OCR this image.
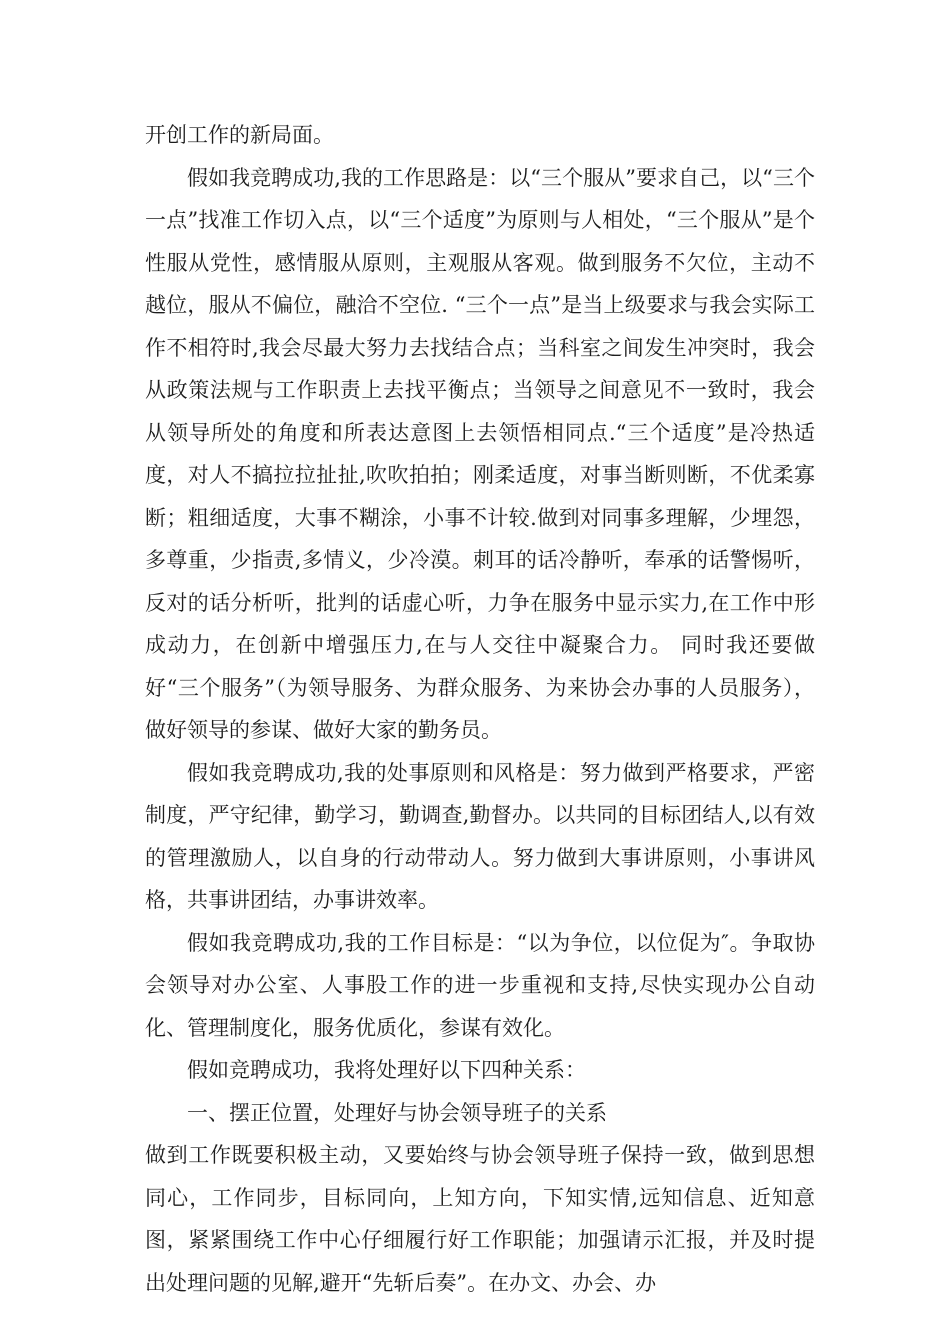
开创工作的新局面。

假如我竞聘成功,我的工作思路是：以“三个服从”要求自己，以“三个一点”找准工作切入点，以“三个适度”为原则与人相处，“三个服从”是个性服从党性，感情服从原则，主观服从客观。做到服务不欠位，主动不越位，服从不偏位，融洽不空位. “三个一点”是当上级要求与我会实际工作不相符时,我会尽最大努力去找结合点；当科室之间发生冲突时，我会从政策法规与工作职责上去找平衡点；当领导之间意见不一致时，我会从领导所处的角度和所表达意图上去领悟相同点.“三个适度”是冷热适度，对人不搞拉拉扯扯,吹吹拍拍；刚柔适度，对事当断则断，不优柔寡断；粗细适度，大事不糊涂，小事不计较.做到对同事多理解，少埋怨，多尊重，少指责,多情义，少冷漠。刺耳的话冷静听，奉承的话警惕听，反对的话分析听，批判的话虚心听，力争在服务中显示实力,在工作中形成动力，在创新中增强压力,在与人交往中凝聚合力。 同时我还要做好“三个服务”（为领导服务、为群众服务、为来协会办事的人员服务），做好领导的参谋、做好大家的勤务员。

假如我竞聘成功,我的处事原则和风格是：努力做到严格要求，严密制度，严守纪律，勤学习，勤调查,勤督办。以共同的目标团结人,以有效的管理激励人，以自身的行动带动人。努力做到大事讲原则，小事讲风格，共事讲团结，办事讲效率。

假如我竞聘成功,我的工作目标是：“以为争位，以位促为″。争取协会领导对办公室、人事股工作的进一步重视和支持,尽快实现办公自动化、管理制度化，服务优质化，参谋有效化。

假如竞聘成功，我将处理好以下四种关系：

一、摆正位置，处理好与协会领导班子的关系

做到工作既要积极主动，又要始终与协会领导班子保持一致，做到思想同心，工作同步，目标同向，上知方向，下知实情,远知信息、近知意图，紧紧围绕工作中心仔细履行好工作职能；加强请示汇报，并及时提出处理问题的见解,避开“先斩后奏”。在办文、办会、办
